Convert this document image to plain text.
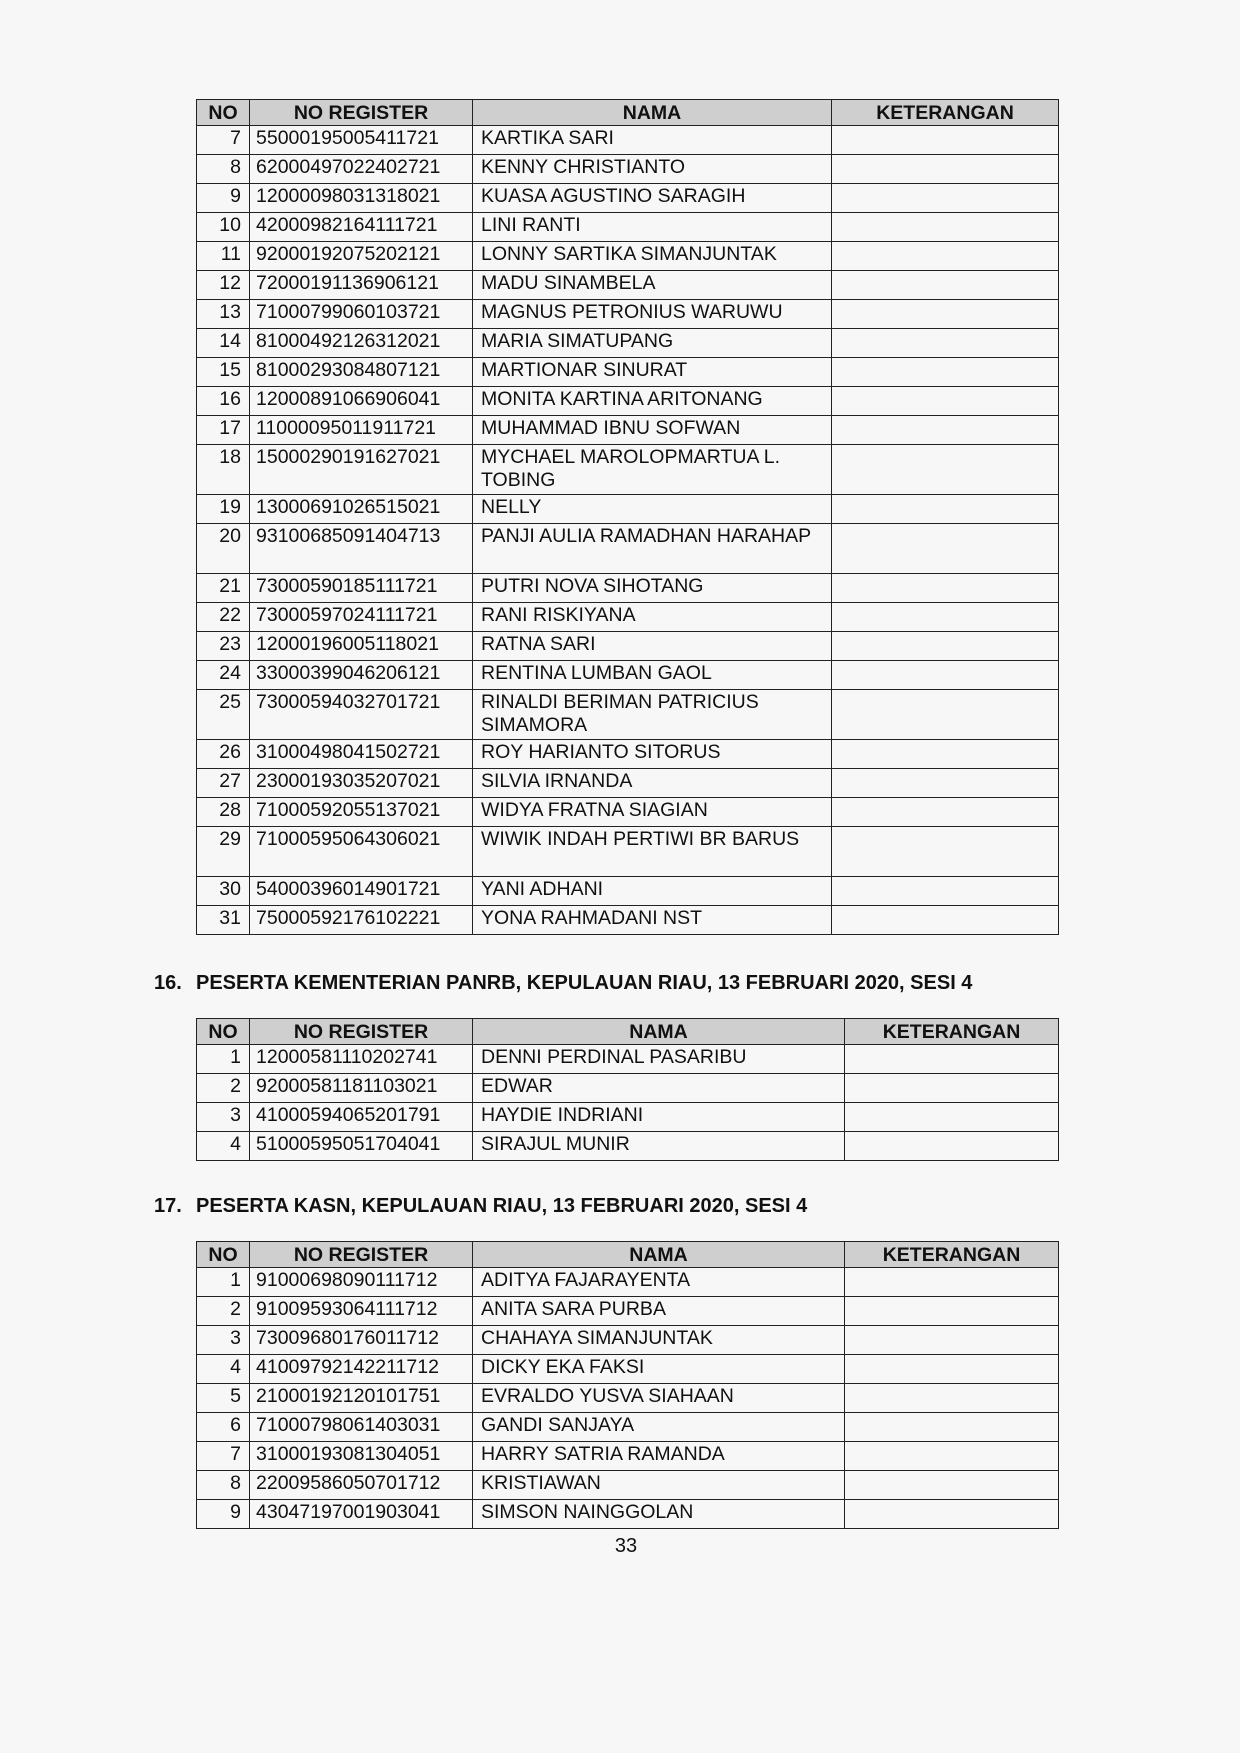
NO	NO REGISTER	NAMA	KETERANGAN
7	55000195005411721	KARTIKA SARI	
8	62000497022402721	KENNY CHRISTIANTO	
9	12000098031318021	KUASA AGUSTINO SARAGIH	
10	42000982164111721	LINI RANTI	
11	92000192075202121	LONNY SARTIKA SIMANJUNTAK	
12	72000191136906121	MADU SINAMBELA	
13	71000799060103721	MAGNUS PETRONIUS WARUWU	
14	81000492126312021	MARIA SIMATUPANG	
15	81000293084807121	MARTIONAR SINURAT	
16	12000891066906041	MONITA KARTINA ARITONANG	
17	11000095011911721	MUHAMMAD IBNU SOFWAN	
18	15000290191627021	MYCHAEL MAROLOPMARTUA L. TOBING	
19	13000691026515021	NELLY	
20	93100685091404713	PANJI AULIA RAMADHAN HARAHAP	
21	73000590185111721	PUTRI NOVA SIHOTANG	
22	73000597024111721	RANI RISKIYANA	
23	12000196005118021	RATNA SARI	
24	33000399046206121	RENTINA LUMBAN GAOL	
25	73000594032701721	RINALDI BERIMAN PATRICIUS SIMAMORA	
26	31000498041502721	ROY HARIANTO SITORUS	
27	23000193035207021	SILVIA IRNANDA	
28	71000592055137021	WIDYA FRATNA SIAGIAN	
29	71000595064306021	WIWIK INDAH PERTIWI BR BARUS	
30	54000396014901721	YANI ADHANI	
31	75000592176102221	YONA RAHMADANI NST	
16. PESERTA KEMENTERIAN PANRB, KEPULAUAN RIAU, 13 FEBRUARI 2020, SESI 4
NO	NO REGISTER	NAMA	KETERANGAN
1	12000581110202741	DENNI PERDINAL PASARIBU	
2	92000581181103021	EDWAR	
3	41000594065201791	HAYDIE INDRIANI	
4	51000595051704041	SIRAJUL MUNIR	
17. PESERTA KASN, KEPULAUAN RIAU, 13 FEBRUARI 2020, SESI 4
NO	NO REGISTER	NAMA	KETERANGAN
1	91000698090111712	ADITYA FAJARAYENTA	
2	91009593064111712	ANITA SARA PURBA	
3	73009680176011712	CHAHAYA SIMANJUNTAK	
4	41009792142211712	DICKY EKA FAKSI	
5	21000192120101751	EVRALDO YUSVA SIAHAAN	
6	71000798061403031	GANDI SANJAYA	
7	31000193081304051	HARRY SATRIA RAMANDA	
8	22009586050701712	KRISTIAWAN	
9	43047197001903041	SIMSON NAINGGOLAN	
33
